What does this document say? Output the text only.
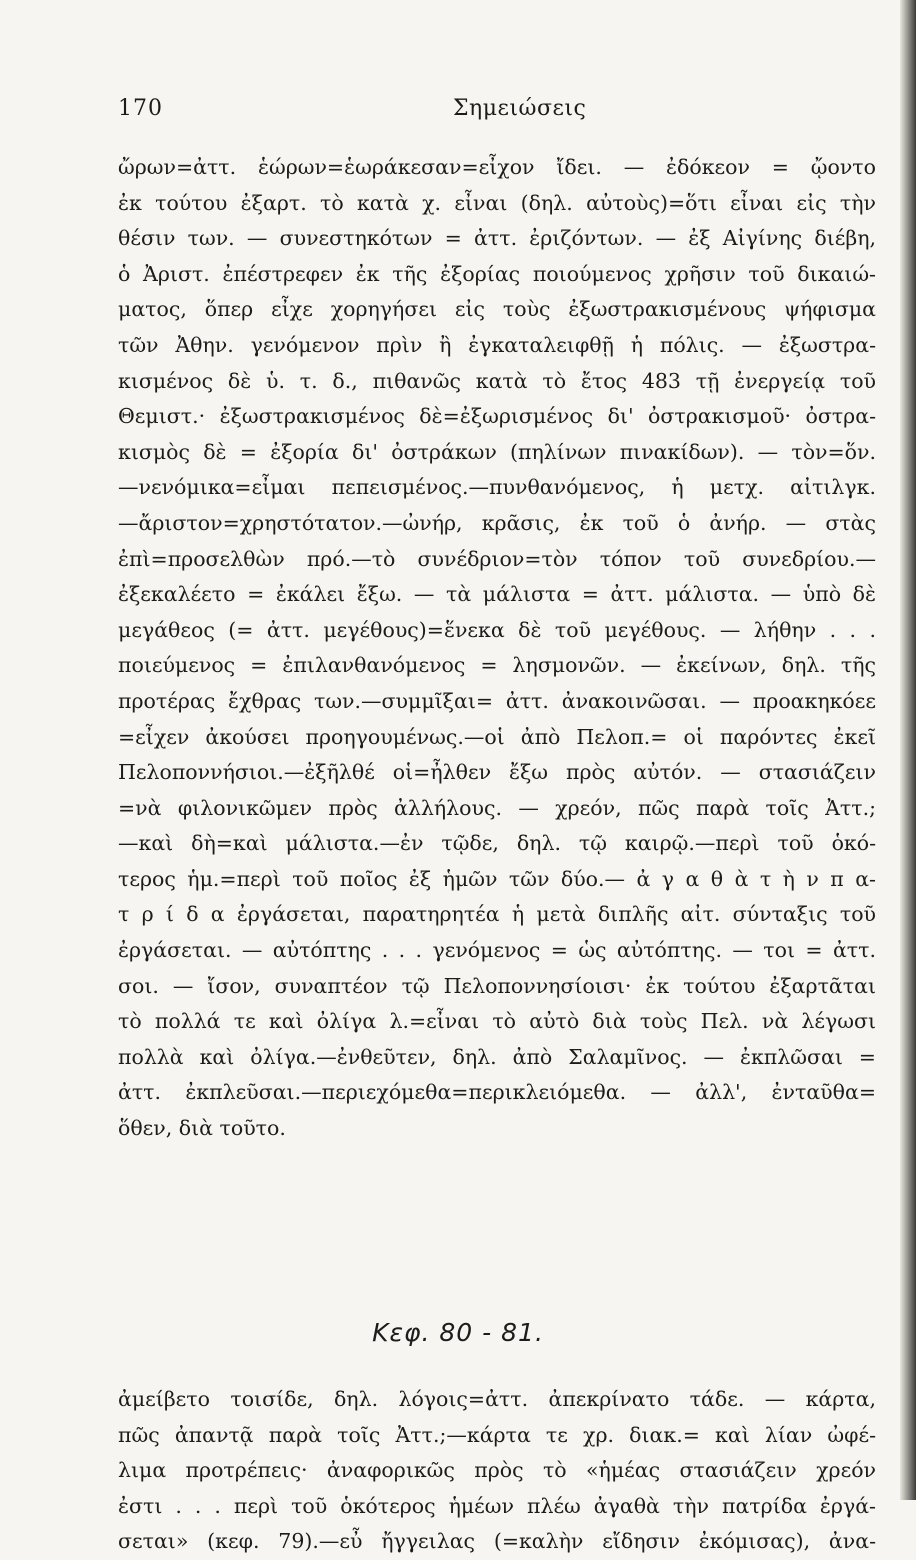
170	Σημειώσεις
ὤρων=ἀττ. ἑώρων=ἑωράκεσαν=εἶχον ἴδει. — ἐδόκεον = ᾤοντο
ἐκ τούτου ἐξαρτ. τὸ κατὰ χ. εἶναι (δηλ. αὐτοὺς)=ὅτι εἶναι εἰς τὴν
θέσιν των. — συνεστηκότων = ἀττ. ἐριζόντων. — ἐξ Αἰγίνης διέβη,
ὁ Ἀριστ. ἐπέστρεφεν ἐκ τῆς ἐξορίας ποιούμενος χρῆσιν τοῦ δικαιώ-
ματος, ὅπερ εἶχε χορηγήσει εἰς τοὺς ἐξωστρακισμένους ψήφισμα
τῶν Ἀθην. γενόμενον πρὶν ἢ ἐγκαταλειφθῇ ἡ πόλις. — ἐξωστρα-
κισμένος δὲ ὑ. τ. δ., πιθανῶς κατὰ τὸ ἔτος 483 τῇ ἐνεργείᾳ τοῦ
Θεμιστ.· ἐξωστρακισμένος δὲ=ἐξωρισμένος δι' ὀστρακισμοῦ· ὀστρα-
κισμὸς δὲ = ἐξορία δι' ὀστράκων (πηλίνων πινακίδων). — τὸν=ὅν.
—νενόμικα=εἶμαι πεπεισμένος.—πυνθανόμενος, ἡ μετχ. αἰτιλγκ.
—ἄριστον=χρηστότατον.—ὠνήρ, κρᾶσις, ἐκ τοῦ ὁ ἀνήρ. — στὰς
ἐπὶ=προσελθὼν πρό.—τὸ συνέδριον=τὸν τόπον τοῦ συνεδρίου.—
ἐξεκαλέετο = ἐκάλει ἔξω. — τὰ μάλιστα = ἀττ. μάλιστα. — ὑπὸ δὲ
μεγάθεος (= ἀττ. μεγέθους)=ἕνεκα δὲ τοῦ μεγέθους. — λήθην . . .
ποιεύμενος = ἐπιλανθανόμενος = λησμονῶν. — ἐκείνων, δηλ. τῆς
προτέρας ἔχθρας των.—συμμῖξαι= ἀττ. ἀνακοινῶσαι. — προακηκόεε
=εἶχεν ἀκούσει προηγουμένως.—οἱ ἀπὸ Πελοπ.= οἱ παρόντες ἐκεῖ
Πελοποννήσιοι.—ἐξῆλθέ οἱ=ἦλθεν ἔξω πρὸς αὐτόν. — στασιάζειν
=νὰ φιλονικῶμεν πρὸς ἀλλήλους. — χρεόν, πῶς παρὰ τοῖς Ἀττ.;
—καὶ δὴ=καὶ μάλιστα.—ἐν τῷδε, δηλ. τῷ καιρῷ.—περὶ τοῦ ὁκό-
τερος ἡμ.=περὶ τοῦ ποῖος ἐξ ἡμῶν τῶν δύο.— ἀ γ α θ ὰ τ ὴ ν π α-
τ ρ ί δ α ἐργάσεται, παρατηρητέα ἡ μετὰ διπλῆς αἰτ. σύνταξις τοῦ
ἐργάσεται. — αὐτόπτης . . . γενόμενος = ὡς αὐτόπτης. — τοι = ἀττ.
σοι. — ἴσον, συναπτέον τῷ Πελοποννησίοισι· ἐκ τούτου ἐξαρτᾶται
τὸ πολλά τε καὶ ὀλίγα λ.=εἶναι τὸ αὐτὸ διὰ τοὺς Πελ. νὰ λέγωσι
πολλὰ καὶ ὀλίγα.—ἐνθεῦτεν, δηλ. ἀπὸ Σαλαμῖνος. — ἐκπλῶσαι =
ἀττ. ἐκπλεῦσαι.—περιεχόμεθα=περικλειόμεθα. — ἀλλ', ἐνταῦθα=
ὅθεν, διὰ τοῦτο.
Κεφ. 80 - 81.
ἀμείβετο τοισίδε, δηλ. λόγοις=ἀττ. ἀπεκρίνατο τάδε. — κάρτα,
πῶς ἀπαντᾷ παρὰ τοῖς Ἀττ.;—κάρτα τε χρ. διακ.= καὶ λίαν ὠφέ-
λιμα προτρέπεις· ἀναφορικῶς πρὸς τὸ «ἡμέας στασιάζειν χρεόν
ἐστι . . . περὶ τοῦ ὁκότερος ἡμέων πλέω ἀγαθὰ τὴν πατρίδα ἐργά-
σεται» (κεφ. 79).—εὖ ἤγγειλας (=καλὴν εἴδησιν ἐκόμισας), ἀνα-
